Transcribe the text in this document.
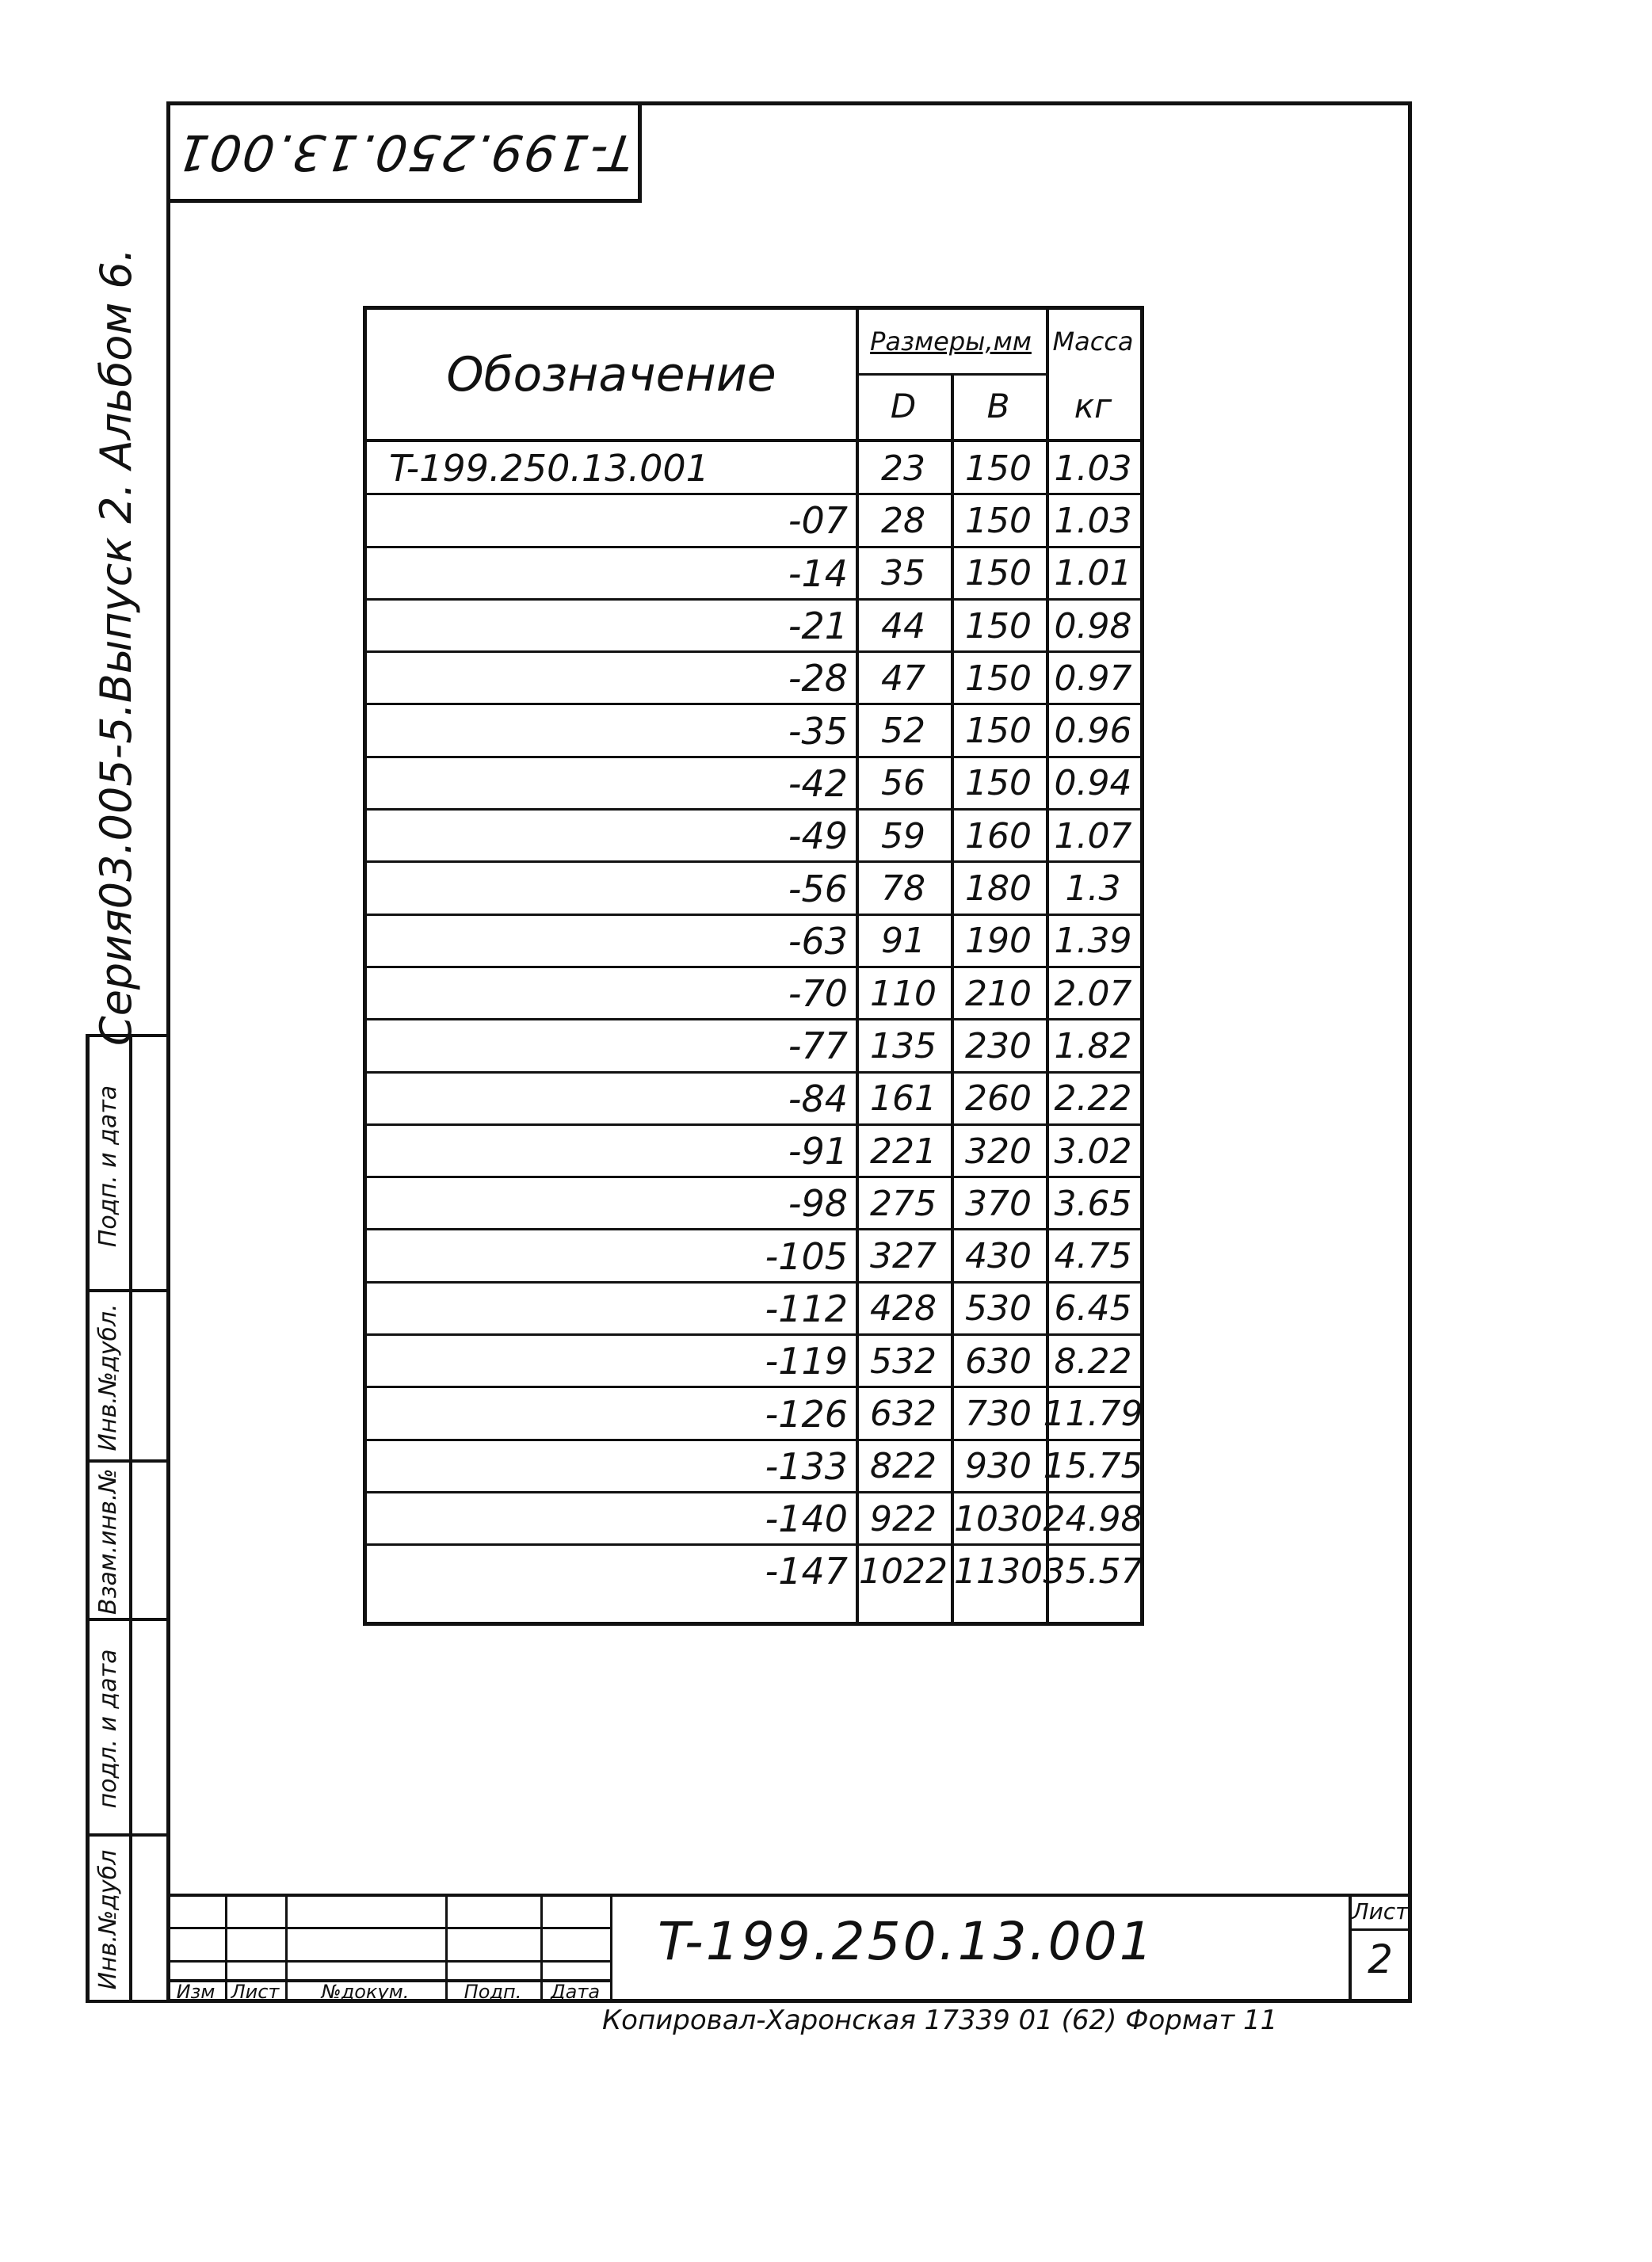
T-199.250.13.001
Серия03.005-5.Выпуск 2. Альбом 6.
Инв.№дубл
подл. и дата
Взам.инв.№
Инв.№дубл.
Подп. и дата
Обозначение
Размеры,мм Масса
D	B	кг
T-199.250.13.001	23	150 1.03
-07 28	150 1.03
-14 35	150 1.01
-21 44	150 0.98
-28 47	150 0.97
-35 52	150 0.96
-42 56	150 0.94
-49 59	160 1.07
-56 78	180 1.3
-63 91	190 1.39
-70 110 210 2.07
-77 135 230 1.82
-84 161 260 2.22
-91 221 320 3.02
-98 275 370 3.65
-105 327 430 4.75
-112 428 530 6.45
-119 532 630 8.22
-126 632 730 11.79
-133 822 930 15.75
-140 922 1030 24.98
-147 1022 1130 35.57
Изм Лист	№докум.	Подп.	Дата
T-199.250.13.001	Лист
2
Копировал-Харонская 17339 01 (62) Формат 11
